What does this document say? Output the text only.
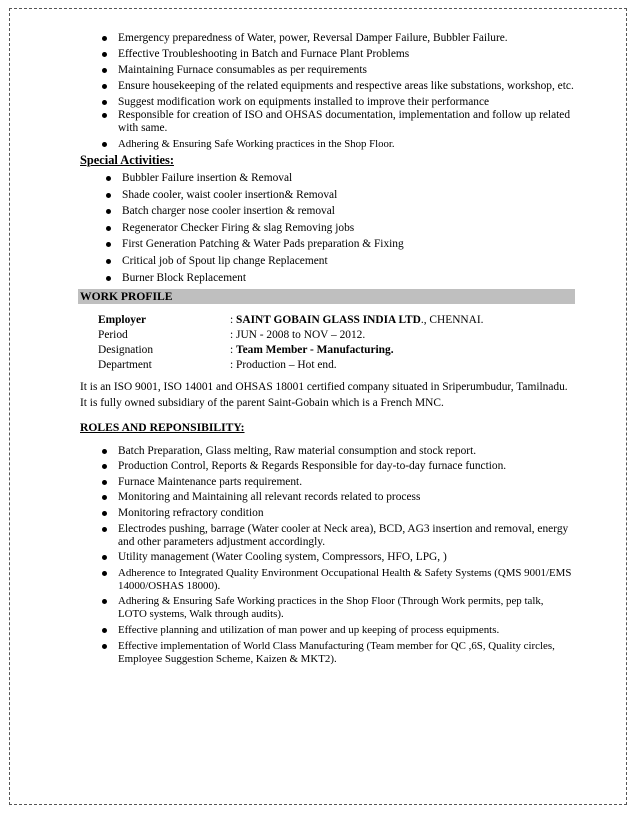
Emergency preparedness of Water, power, Reversal Damper Failure, Bubbler Failure.
Effective Troubleshooting in Batch and Furnace Plant Problems
Maintaining Furnace consumables as per requirements
Ensure housekeeping of the related equipments and respective areas like substations, workshop, etc.
Suggest modification work on equipments installed to improve their performance
Responsible for creation of ISO and OHSAS documentation, implementation and follow up related with same.
Adhering & Ensuring Safe Working practices in the Shop Floor.
Special Activities:
Bubbler Failure insertion & Removal
Shade cooler, waist cooler insertion& Removal
Batch charger nose cooler insertion & removal
Regenerator Checker Firing & slag Removing jobs
First Generation Patching & Water Pads preparation & Fixing
Critical job of Spout lip change Replacement
Burner Block Replacement
WORK PROFILE
Employer	: SAINT GOBAIN GLASS INDIA LTD., CHENNAI.
Period	: JUN - 2008 to NOV – 2012.
Designation	: Team Member - Manufacturing.
Department	: Production – Hot end.
It is an ISO 9001, ISO 14001 and OHSAS 18001 certified company situated in Sriperumbudur, Tamilnadu. It is fully owned subsidiary of the parent Saint-Gobain which is a French MNC.
ROLES AND REPONSIBILITY:
Batch Preparation, Glass melting, Raw material consumption and stock report.
Production Control, Reports & Regards Responsible for day-to-day furnace function.
Furnace Maintenance parts requirement.
Monitoring and Maintaining all relevant records related to process
Monitoring refractory condition
Electrodes pushing, barrage (Water cooler at Neck area), BCD, AG3 insertion and removal, energy and other parameters adjustment accordingly.
Utility management (Water Cooling system, Compressors, HFO, LPG, )
Adherence to Integrated Quality Environment Occupational Health & Safety Systems (QMS 9001/EMS 14000/OSHAS 18000).
Adhering & Ensuring Safe Working practices in the Shop Floor (Through Work permits, pep talk, LOTO systems, Walk through audits).
Effective planning and utilization of man power and up keeping of process equipments.
Effective implementation of World Class Manufacturing (Team member for QC ,6S, Quality circles, Employee Suggestion Scheme, Kaizen & MKT2).
